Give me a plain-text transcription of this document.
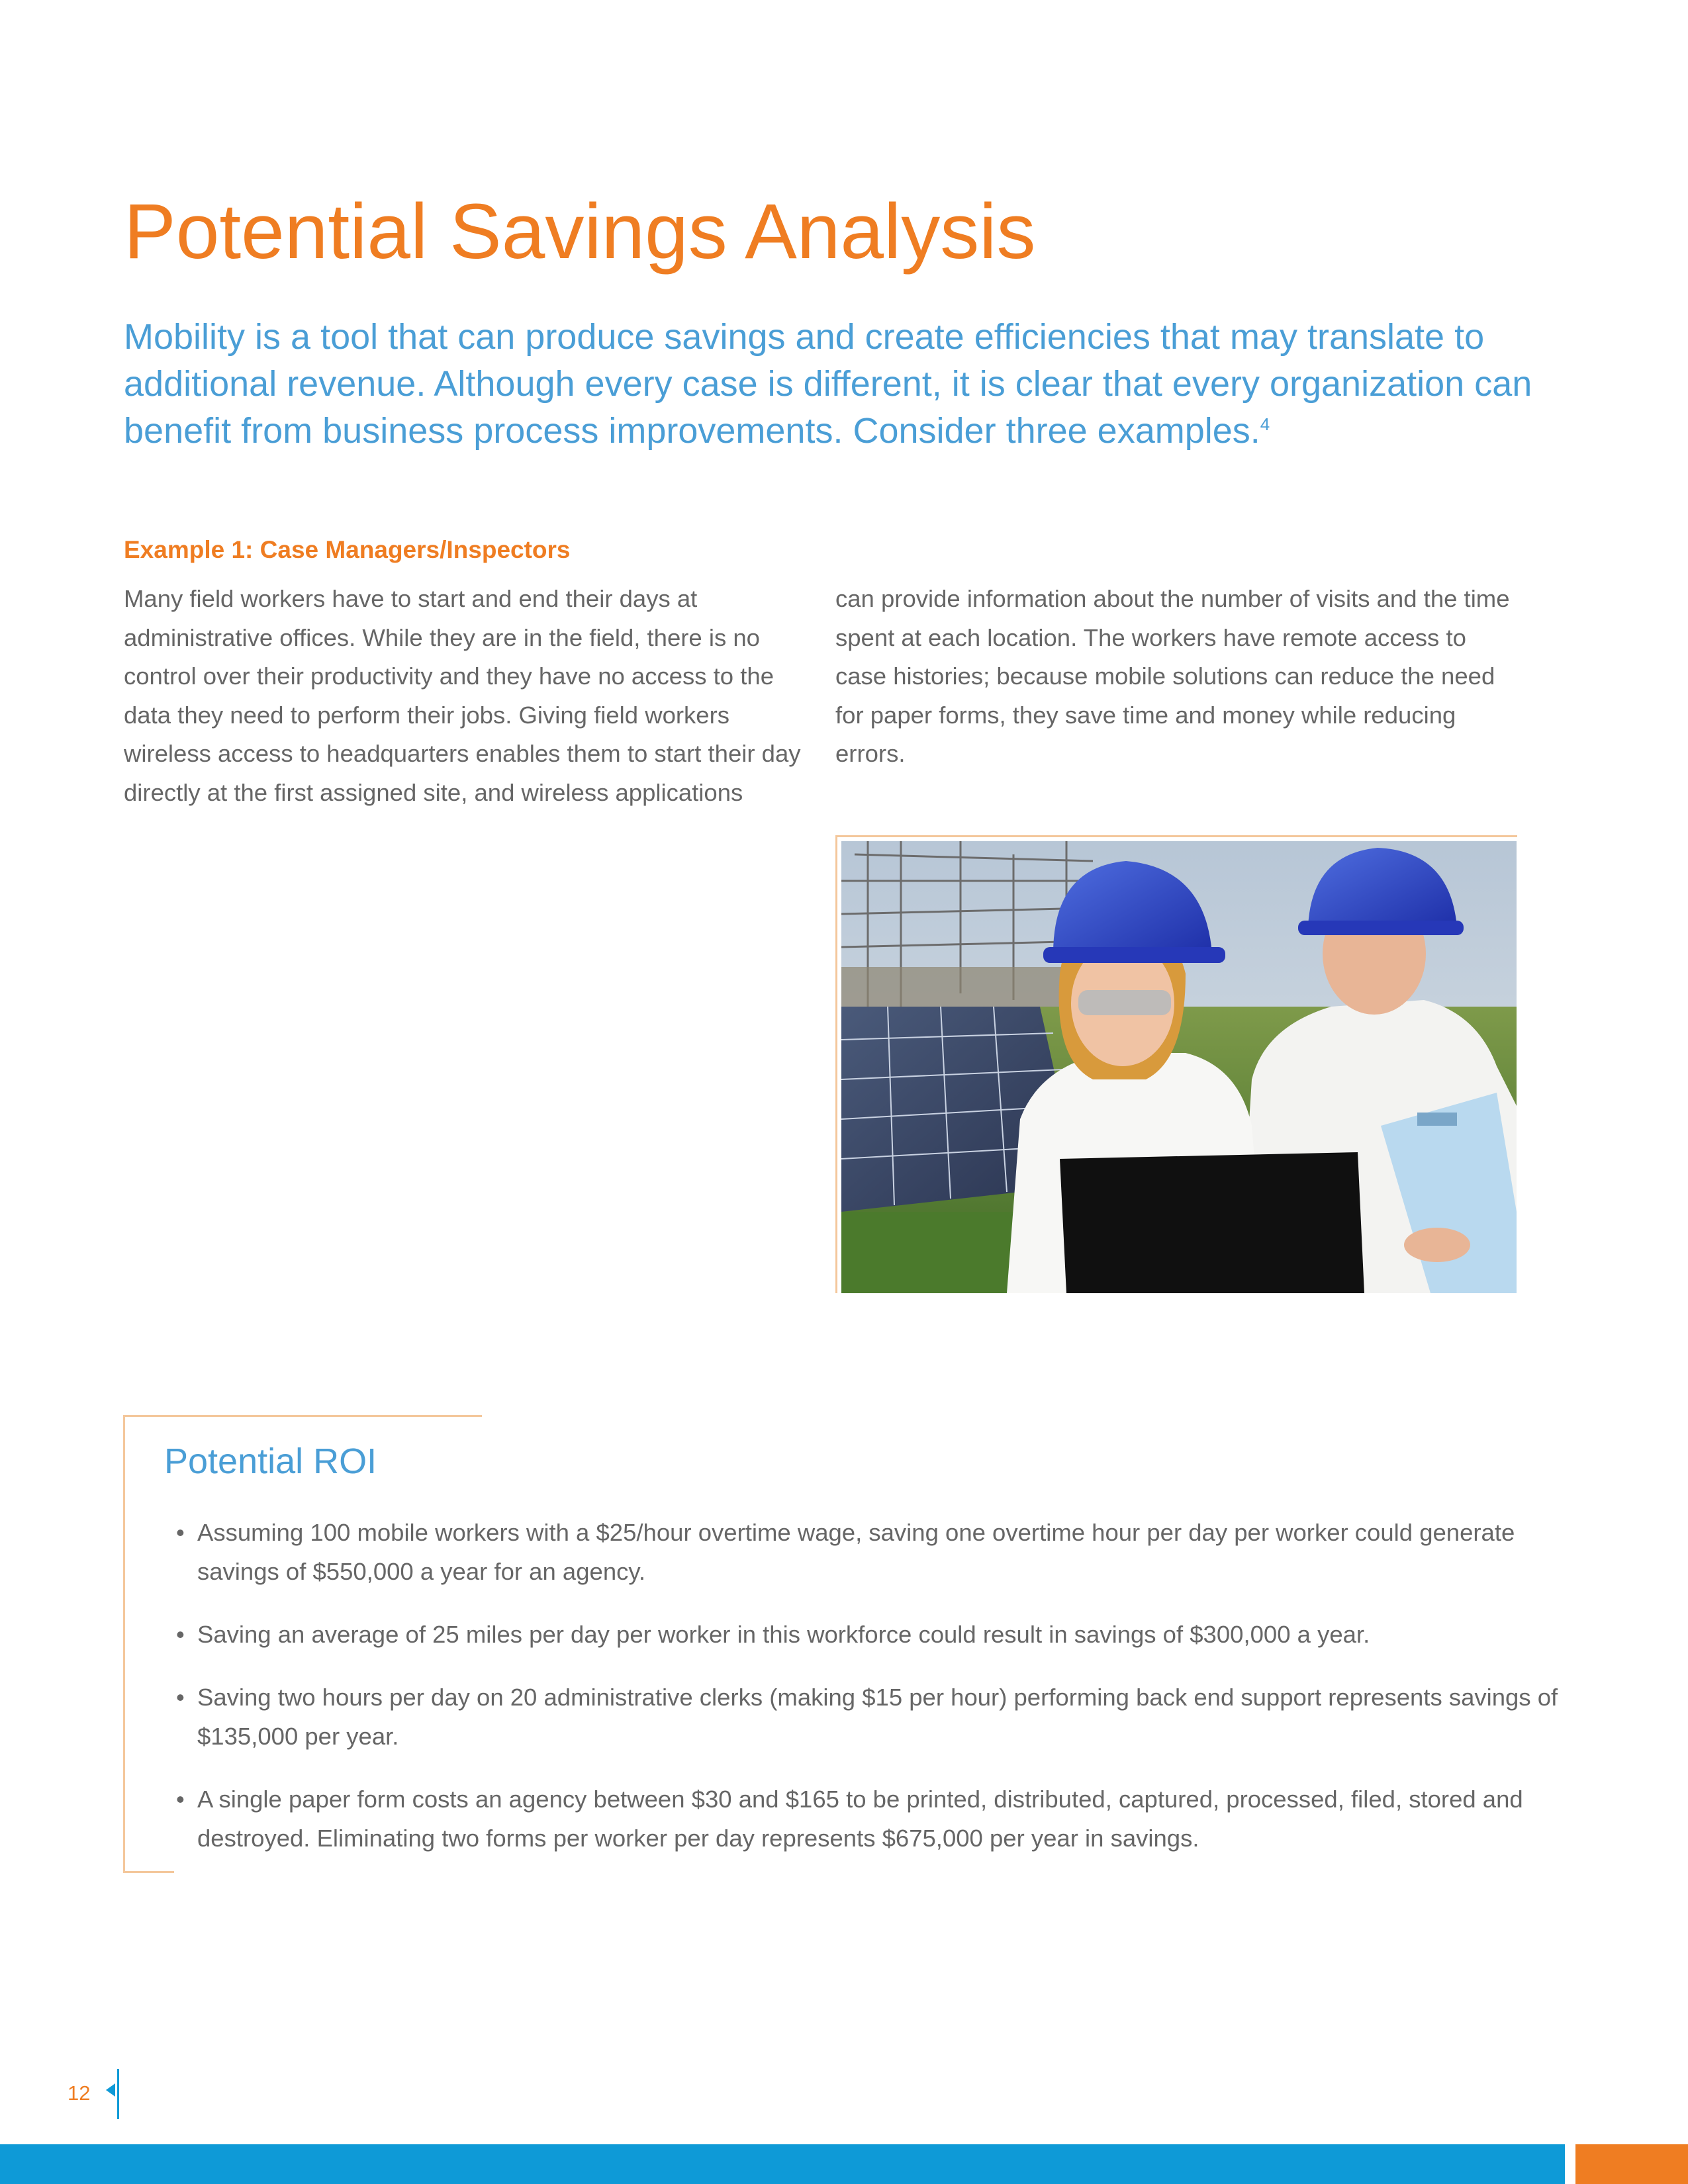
Potential Savings Analysis

Mobility is a tool that can produce savings and create efficiencies that may translate to additional revenue. Although every case is different, it is clear that every organization can benefit from business process improvements. Consider three examples.$^4$

Example 1: Case Managers/Inspectors

Many field workers have to start and end their days at administrative offices. While they are in the field, there is no control over their productivity and they have no access to the data they need to perform their jobs. Giving field workers wireless access to headquarters enables them to start their day directly at the first assigned site, and wireless applications

can provide information about the number of visits and the time spent at each location. The workers have remote access to case histories; because mobile solutions can reduce the need for paper forms, they save time and money while reducing errors.

Potential ROI
• Assuming 100 mobile workers with a $25/hour overtime wage, saving one overtime hour per day per worker could generate savings of $550,000 a year for an agency.
• Saving an average of 25 miles per day per worker in this workforce could result in savings of $300,000 a year.
• Saving two hours per day on 20 administrative clerks (making $15 per hour) performing back end support represents savings of $135,000 per year.
• A single paper form costs an agency between $30 and $165 to be printed, distributed, captured, processed, filed, stored and destroyed. Eliminating two forms per worker per day represents $675,000 per year in savings.
12
